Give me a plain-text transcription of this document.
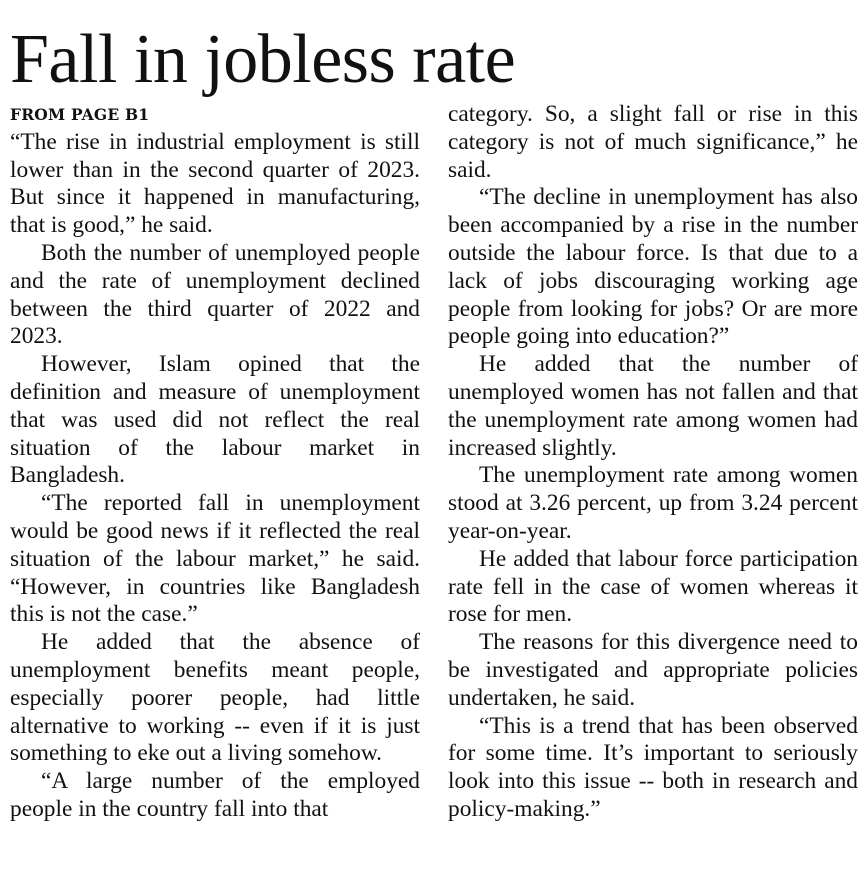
Fall in jobless rate
FROM PAGE B1

“The rise in industrial employment is still lower than in the second quarter of 2023. But since it happened in manufacturing, that is good,” he said.

Both the number of unemployed people and the rate of unemployment declined between the third quarter of 2022 and 2023.

However, Islam opined that the definition and measure of unemployment that was used did not reflect the real situation of the labour market in Bangladesh.

“The reported fall in unemployment would be good news if it reflected the real situation of the labour market,” he said. “However, in countries like Bangladesh this is not the case.”

He added that the absence of unemployment benefits meant people, especially poorer people, had little alternative to working -- even if it is just something to eke out a living somehow.

“A large number of the employed people in the country fall into that

category. So, a slight fall or rise in this category is not of much significance,” he said.

“The decline in unemployment has also been accompanied by a rise in the number outside the labour force. Is that due to a lack of jobs discouraging working age people from looking for jobs? Or are more people going into education?”

He added that the number of unemployed women has not fallen and that the unemployment rate among women had increased slightly.

The unemployment rate among women stood at 3.26 percent, up from 3.24 percent year-on-year.

He added that labour force participation rate fell in the case of women whereas it rose for men.

The reasons for this divergence need to be investigated and appropriate policies undertaken, he said.

“This is a trend that has been observed for some time. It’s important to seriously look into this issue -- both in research and policy-making.”
